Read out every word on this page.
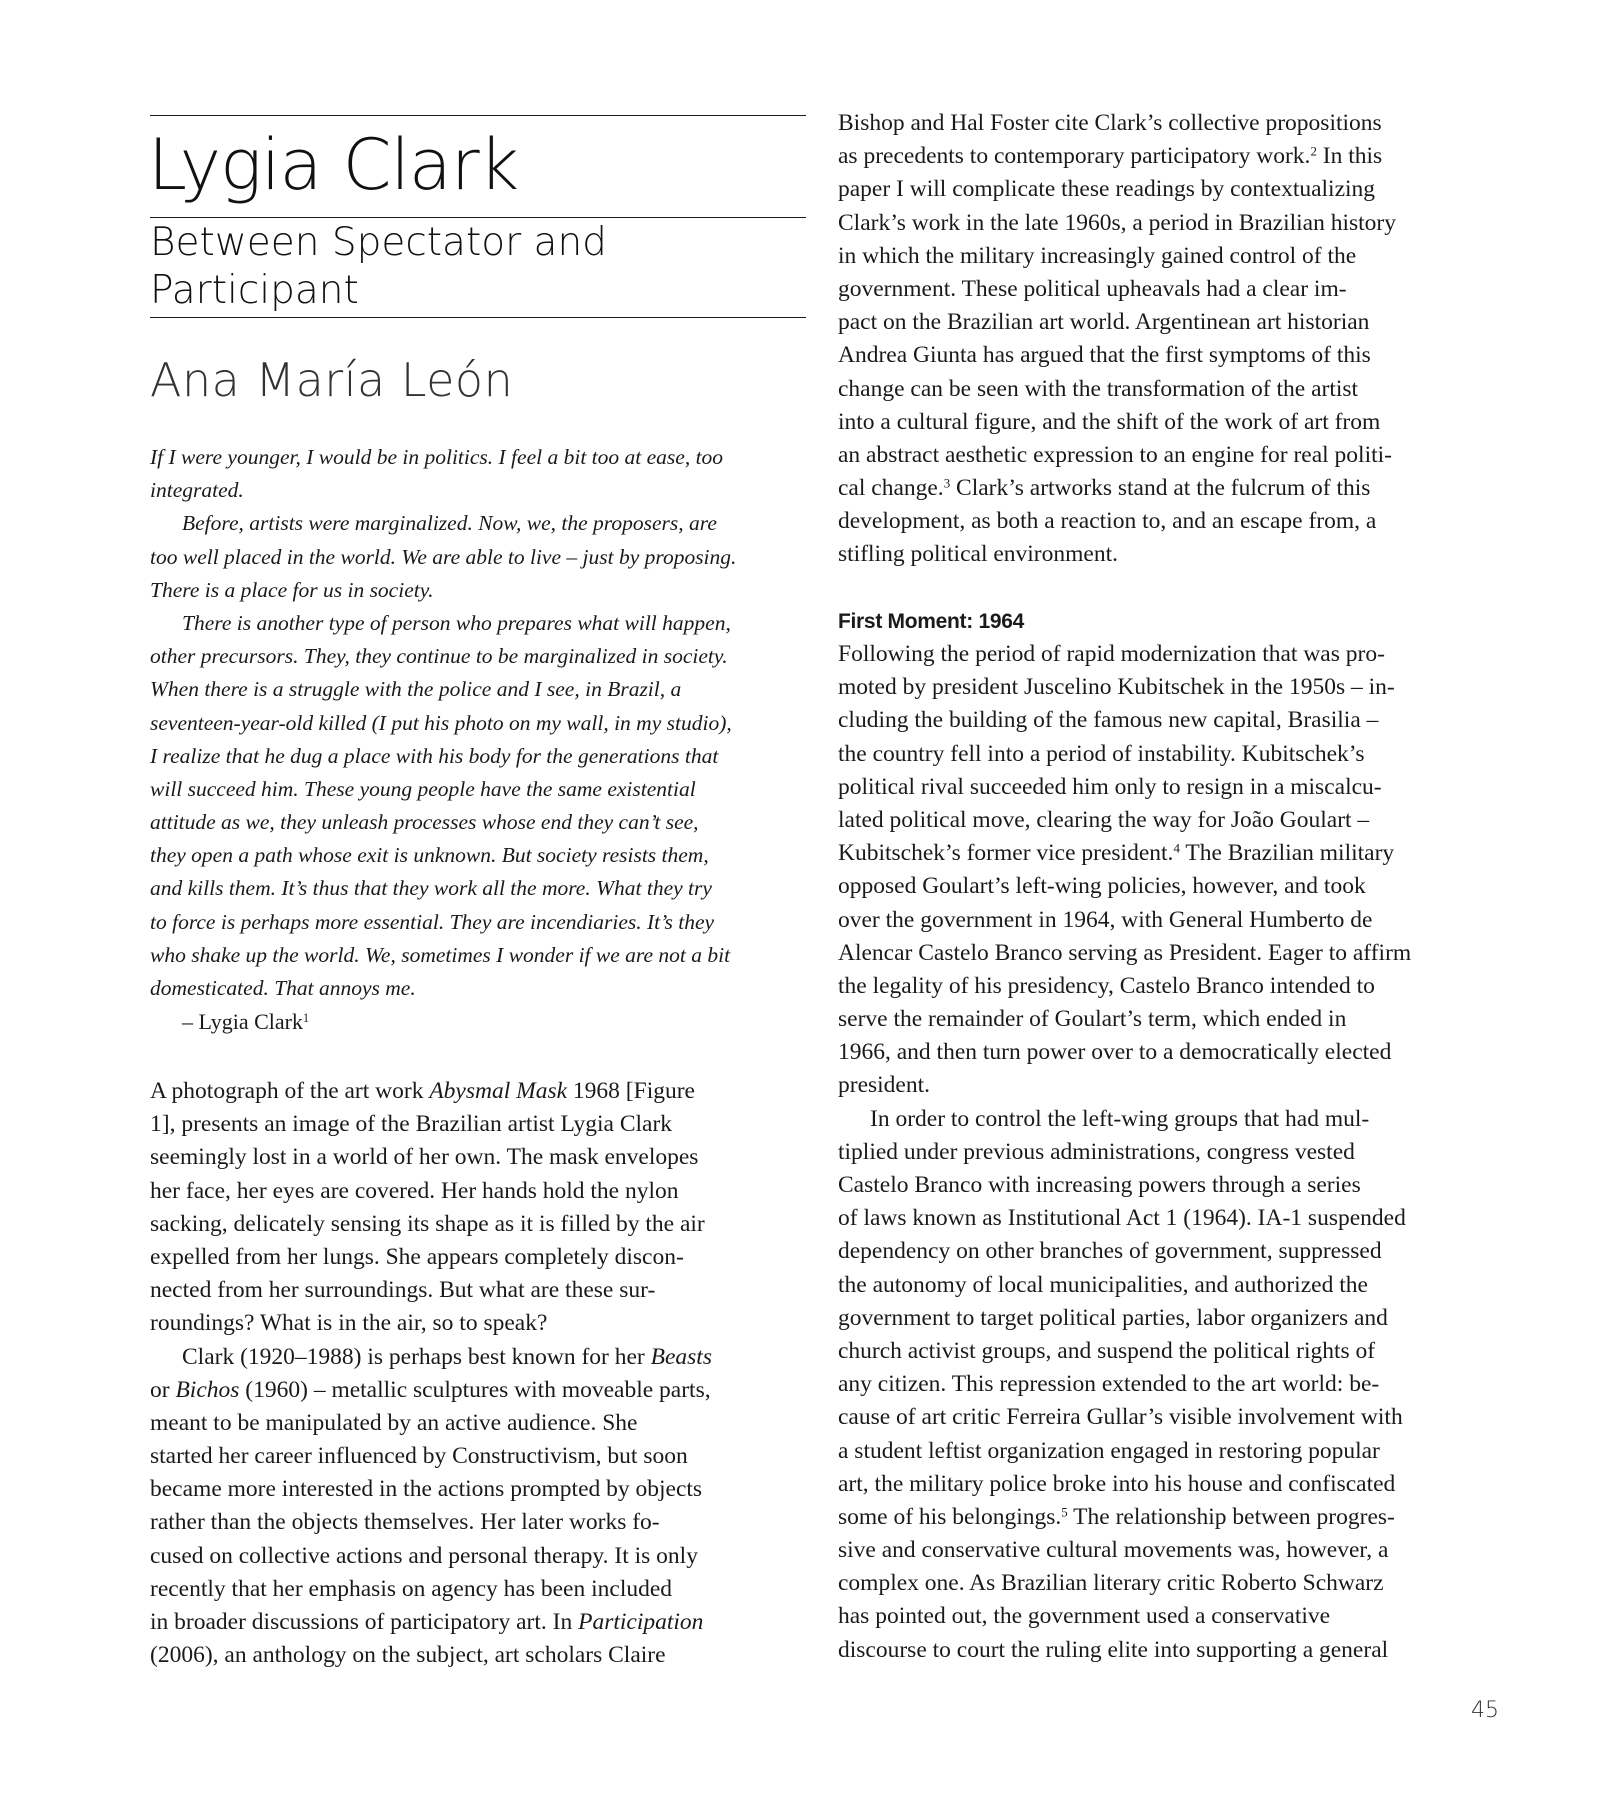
Lygia Clark
Between Spectator and
Participant
Ana María León
If I were younger, I would be in politics. I feel a bit too at ease, too
integrated.
Before, artists were marginalized. Now, we, the proposers, are
too well placed in the world. We are able to live – just by proposing.
There is a place for us in society.
There is another type of person who prepares what will happen,
other precursors. They, they continue to be marginalized in society.
When there is a struggle with the police and I see, in Brazil, a
seventeen-year-old killed (I put his photo on my wall, in my studio),
I realize that he dug a place with his body for the generations that
will succeed him. These young people have the same existential
attitude as we, they unleash processes whose end they can’t see,
they open a path whose exit is unknown. But society resists them,
and kills them. It’s thus that they work all the more. What they try
to force is perhaps more essential. They are incendiaries. It’s they
who shake up the world. We, sometimes I wonder if we are not a bit
domesticated. That annoys me.
– Lygia Clark$^1$
A photograph of the art work Abysmal Mask 1968 [Figure
1], presents an image of the Brazilian artist Lygia Clark
seemingly lost in a world of her own. The mask envelopes
her face, her eyes are covered. Her hands hold the nylon
sacking, delicately sensing its shape as it is filled by the air
expelled from her lungs. She appears completely discon-
nected from her surroundings. But what are these sur-
roundings? What is in the air, so to speak?
Clark (1920–1988) is perhaps best known for her Beasts
or Bichos (1960) – metallic sculptures with moveable parts,
meant to be manipulated by an active audience. She
started her career influenced by Constructivism, but soon
became more interested in the actions prompted by objects
rather than the objects themselves. Her later works fo-
cused on collective actions and personal therapy. It is only
recently that her emphasis on agency has been included
in broader discussions of participatory art. In Participation
(2006), an anthology on the subject, art scholars Claire
Bishop and Hal Foster cite Clark’s collective propositions
as precedents to contemporary participatory work.$^2$ In this
paper I will complicate these readings by contextualizing
Clark’s work in the late 1960s, a period in Brazilian history
in which the military increasingly gained control of the
government. These political upheavals had a clear im-
pact on the Brazilian art world. Argentinean art historian
Andrea Giunta has argued that the first symptoms of this
change can be seen with the transformation of the artist
into a cultural figure, and the shift of the work of art from
an abstract aesthetic expression to an engine for real politi-
cal change.$^3$ Clark’s artworks stand at the fulcrum of this
development, as both a reaction to, and an escape from, a
stifling political environment.
First Moment: 1964
Following the period of rapid modernization that was pro-
moted by president Juscelino Kubitschek in the 1950s – in-
cluding the building of the famous new capital, Brasilia –
the country fell into a period of instability. Kubitschek’s
political rival succeeded him only to resign in a miscalcu-
lated political move, clearing the way for João Goulart –
Kubitschek’s former vice president.$^4$ The Brazilian military
opposed Goulart’s left-wing policies, however, and took
over the government in 1964, with General Humberto de
Alencar Castelo Branco serving as President. Eager to affirm
the legality of his presidency, Castelo Branco intended to
serve the remainder of Goulart’s term, which ended in
1966, and then turn power over to a democratically elected
president.
In order to control the left-wing groups that had mul-
tiplied under previous administrations, congress vested
Castelo Branco with increasing powers through a series
of laws known as Institutional Act 1 (1964). IA-1 suspended
dependency on other branches of government, suppressed
the autonomy of local municipalities, and authorized the
government to target political parties, labor organizers and
church activist groups, and suspend the political rights of
any citizen. This repression extended to the art world: be-
cause of art critic Ferreira Gullar’s visible involvement with
a student leftist organization engaged in restoring popular
art, the military police broke into his house and confiscated
some of his belongings.$^5$ The relationship between progres-
sive and conservative cultural movements was, however, a
complex one. As Brazilian literary critic Roberto Schwarz
has pointed out, the government used a conservative
discourse to court the ruling elite into supporting a general
45
